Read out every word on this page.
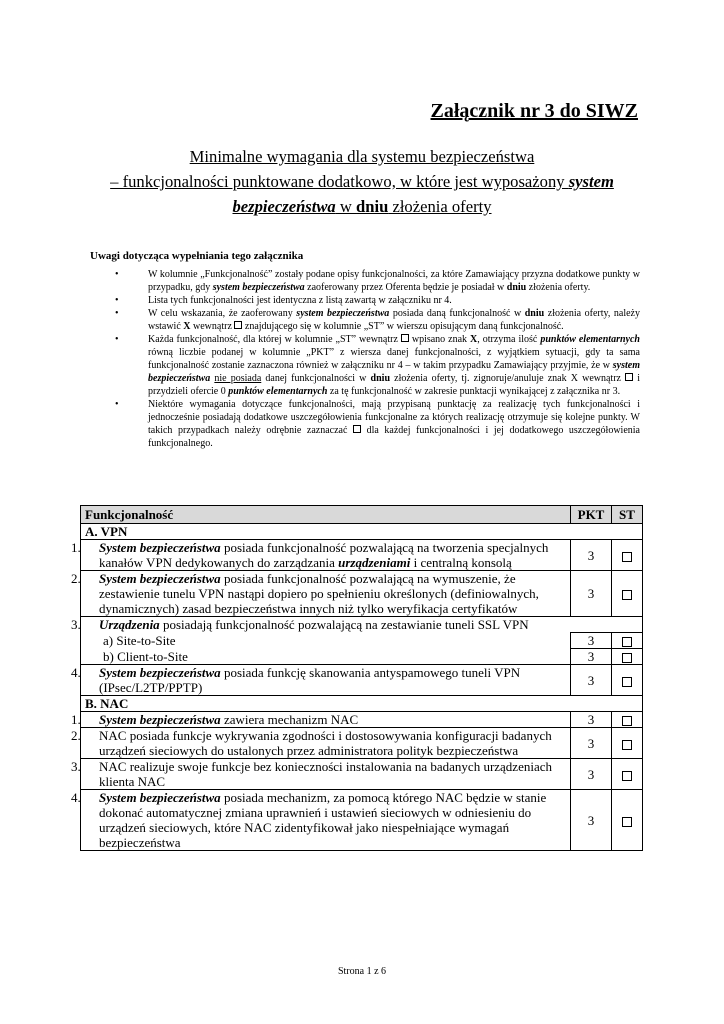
Załącznik nr 3 do SIWZ
Minimalne wymagania dla systemu bezpieczeństwa
– funkcjonalności punktowane dodatkowo, w które jest wyposażony system
bezpieczeństwa w dniu złożenia oferty
Uwagi dotycząca wypełniania tego załącznika
•	W kolumnie „Funkcjonalność” zostały podane opisy funkcjonalności, za które Zamawiający przyzna dodatkowe punkty w przypadku, gdy system bezpieczeństwa zaoferowany przez Oferenta będzie je posiadał w dniu złożenia oferty.
•	Lista tych funkcjonalności jest identyczna z listą zawartą w załączniku nr 4.
•	W celu wskazania, że zaoferowany system bezpieczeństwa posiada daną funkcjonalność w dniu złożenia oferty, należy wstawić X wewnątrz  znajdującego się w kolumnie „ST” w wierszu opisującym daną funkcjonalność.
•	Każda funkcjonalność, dla której w kolumnie „ST” wewnątrz  wpisano znak X, otrzyma ilość punktów elementarnych równą liczbie podanej w kolumnie „PKT” z wiersza danej funkcjonalności, z wyjątkiem sytuacji, gdy ta sama funkcjonalność zostanie zaznaczona również w załączniku nr 4 – w takim przypadku Zamawiający przyjmie, że w system bezpieczeństwa nie posiada danej funkcjonalności w dniu złożenia oferty, tj. zignoruje/anuluje znak X wewnątrz  i przydzieli ofercie 0 punktów elementarnych za tę funkcjonalność w zakresie punktacji wynikającej z załącznika nr 3.
•	Niektóre wymagania dotyczące funkcjonalności, mają przypisaną punktację za realizację tych funkcjonalności i jednocześnie posiadają dodatkowe uszczegółowienia funkcjonalne za których realizację otrzymuje się kolejne punkty. W takich przypadkach należy odrębnie zaznaczać  dla każdej funkcjonalności i jej dodatkowego uszczegółowienia funkcjonalnego.
Funkcjonalność	PKT	ST
A. VPN		

1. System bezpieczeństwa posiada funkcjonalność pozwalającą na tworzenia specjalnych kanałów VPN dedykowanych do zarządzania urządzeniami i centralną konsolą	3	

2. System bezpieczeństwa posiada funkcjonalność pozwalającą na wymuszenie, że zestawienie tunelu VPN nastąpi dopiero po spełnieniu określonych (definiowalnych, dynamicznych) zasad bezpieczeństwa innych niż tylko weryfikacja certyfikatów	3	

3. Urządzenia posiadają funkcjonalność pozwalającą na zestawianie tuneli SSL VPN		

a) Site-to-Site	3	

b) Client-to-Site	3	

4. System bezpieczeństwa posiada funkcję skanowania antyspamowego tuneli VPN (IPsec/L2TP/PPTP)	3	
B. NAC		

1. System bezpieczeństwa zawiera mechanizm NAC	3	

2. NAC posiada funkcje wykrywania zgodności i dostosowywania konfiguracji badanych urządzeń sieciowych do ustalonych przez administratora polityk bezpieczeństwa	3	

3. NAC realizuje swoje funkcje bez konieczności instalowania na badanych urządzeniach klienta NAC	3	

4. System bezpieczeństwa posiada mechanizm, za pomocą którego NAC będzie w stanie dokonać automatycznej zmiana uprawnień i ustawień sieciowych w odniesieniu do urządzeń sieciowych, które NAC zidentyfikował jako niespełniające wymagań bezpieczeństwa	3	
Strona 1 z 6
